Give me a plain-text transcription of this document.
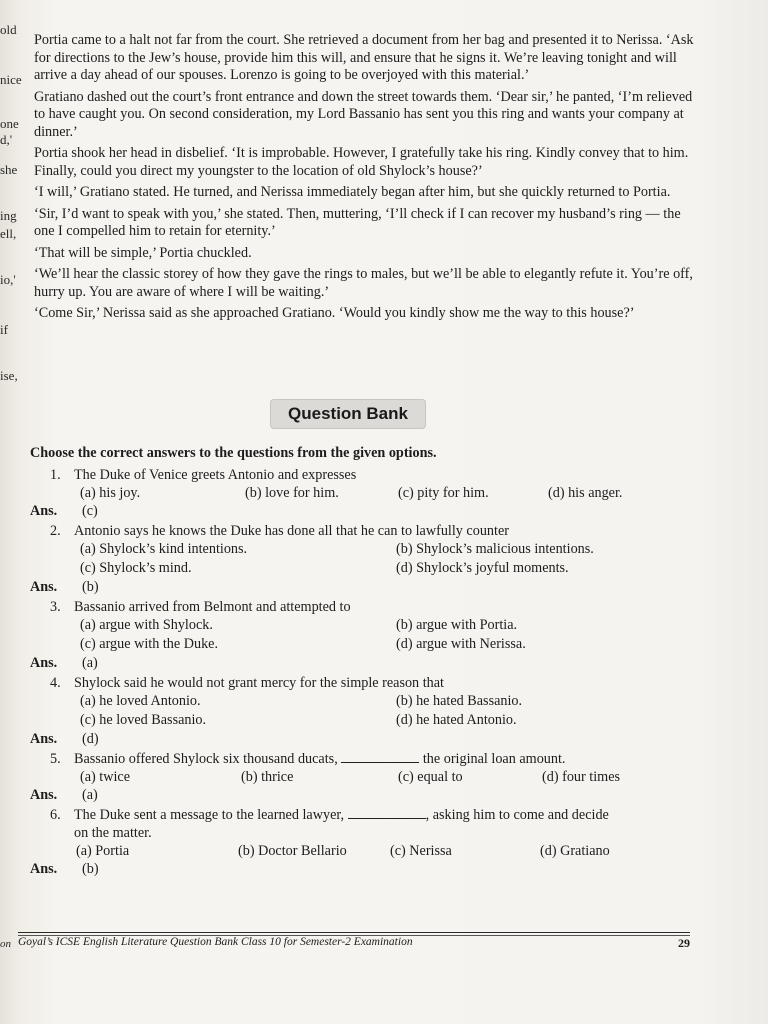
old
nice
one
d,'
she
ing
ell,
io,'
if
ise,
on

Portia came to a halt not far from the court. She retrieved a document from her bag and presented it to Nerissa. ‘Ask for directions to the Jew’s house, provide him this will, and ensure that he signs it. We’re leaving tonight and will arrive a day ahead of our spouses. Lorenzo is going to be overjoyed with this material.’

Gratiano dashed out the court’s front entrance and down the street towards them. ‘Dear sir,’ he panted, ‘I’m relieved to have caught you. On second consideration, my Lord Bassanio has sent you this ring and wants your company at dinner.’

Portia shook her head in disbelief. ‘It is improbable. However, I gratefully take his ring. Kindly convey that to him. Finally, could you direct my youngster to the location of old Shylock’s house?’

‘I will,’ Gratiano stated. He turned, and Nerissa immediately began after him, but she quickly returned to Portia.

‘Sir, I’d want to speak with you,’ she stated. Then, muttering, ‘I’ll check if I can recover my husband’s ring — the one I compelled him to retain for eternity.’

‘That will be simple,’ Portia chuckled.

‘We’ll hear the classic storey of how they gave the rings to males, but we’ll be able to elegantly refute it. You’re off, hurry up. You are aware of where I will be waiting.’

‘Come Sir,’ Nerissa said as she approached Gratiano. ‘Would you kindly show me the way to this house?’

Question Bank
Choose the correct answers to the questions from the given options.
1. The Duke of Venice greets Antonio and expresses
(a) his joy.	(b) love for him.	(c) pity for him.	(d) his anger.
Ans. (c)
2. Antonio says he knows the Duke has done all that he can to lawfully counter
(a) Shylock’s kind intentions.	(b) Shylock’s malicious intentions.
(c) Shylock’s mind.	(d) Shylock’s joyful moments.
Ans. (b)
3. Bassanio arrived from Belmont and attempted to
(a) argue with Shylock.	(b) argue with Portia.
(c) argue with the Duke.	(d) argue with Nerissa.
Ans. (a)
4. Shylock said he would not grant mercy for the simple reason that
(a) he loved Antonio.	(b) he hated Bassanio.
(c) he loved Bassanio.	(d) he hated Antonio.
Ans. (d)
5. Bassanio offered Shylock six thousand ducats,	the original loan amount.
(a) twice	(b) thrice	(c) equal to	(d) four times
Ans. (a)
6. The Duke sent a message to the learned lawyer,	, asking him to come and decide
on the matter.
(a) Portia	(b) Doctor Bellario	(c) Nerissa	(d) Gratiano
Ans. (b)
Goyal’s ICSE English Literature Question Bank Class 10 for Semester-2 Examination	29
